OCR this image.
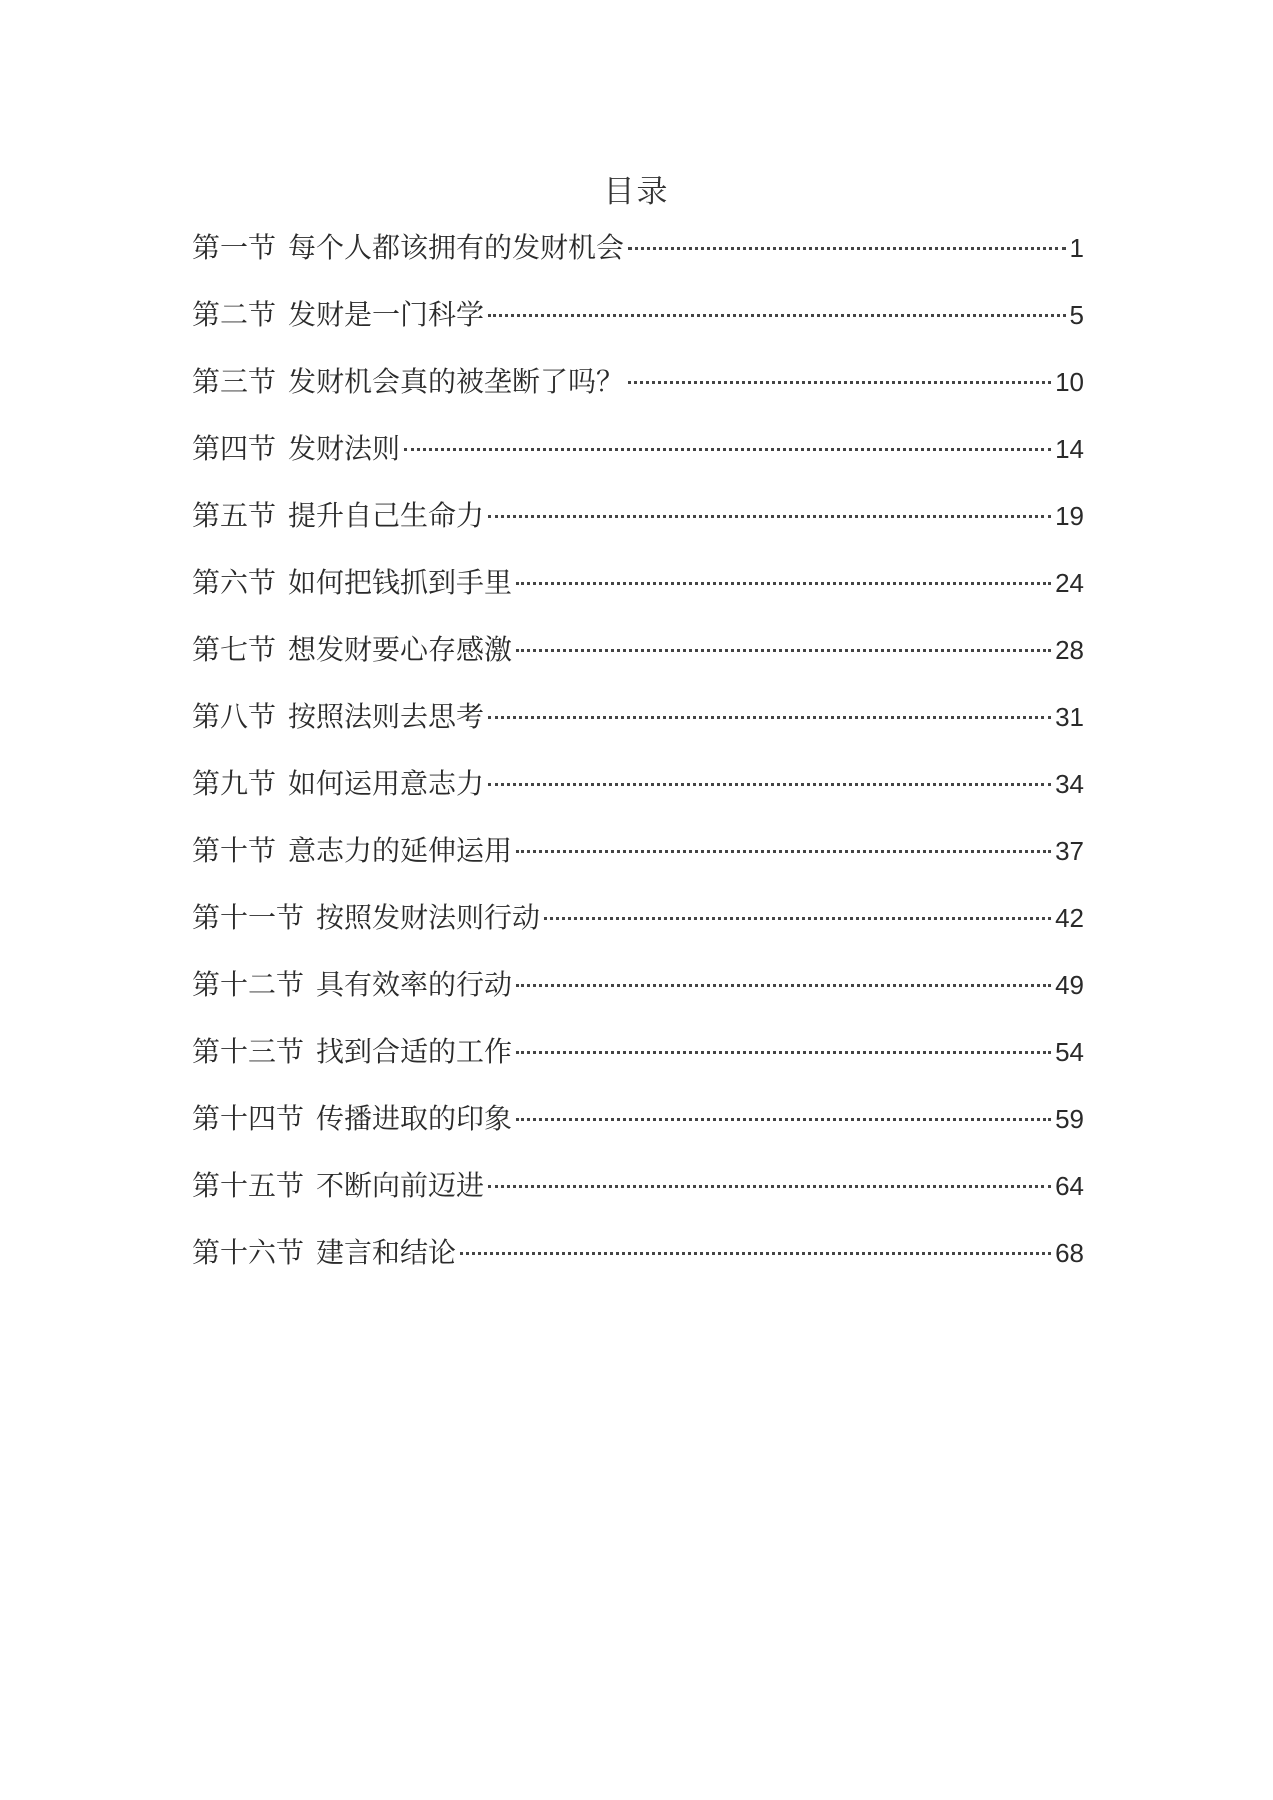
目录
第一节 每个人都该拥有的发财机会	1
第二节 发财是一门科学	5
第三节 发财机会真的被垄断了吗？	10
第四节 发财法则	14
第五节 提升自己生命力	19
第六节 如何把钱抓到手里	24
第七节 想发财要心存感激	28
第八节 按照法则去思考	31
第九节 如何运用意志力	34
第十节 意志力的延伸运用	37
第十一节 按照发财法则行动	42
第十二节 具有效率的行动	49
第十三节 找到合适的工作	54
第十四节 传播进取的印象	59
第十五节 不断向前迈进	64
第十六节 建言和结论	68
